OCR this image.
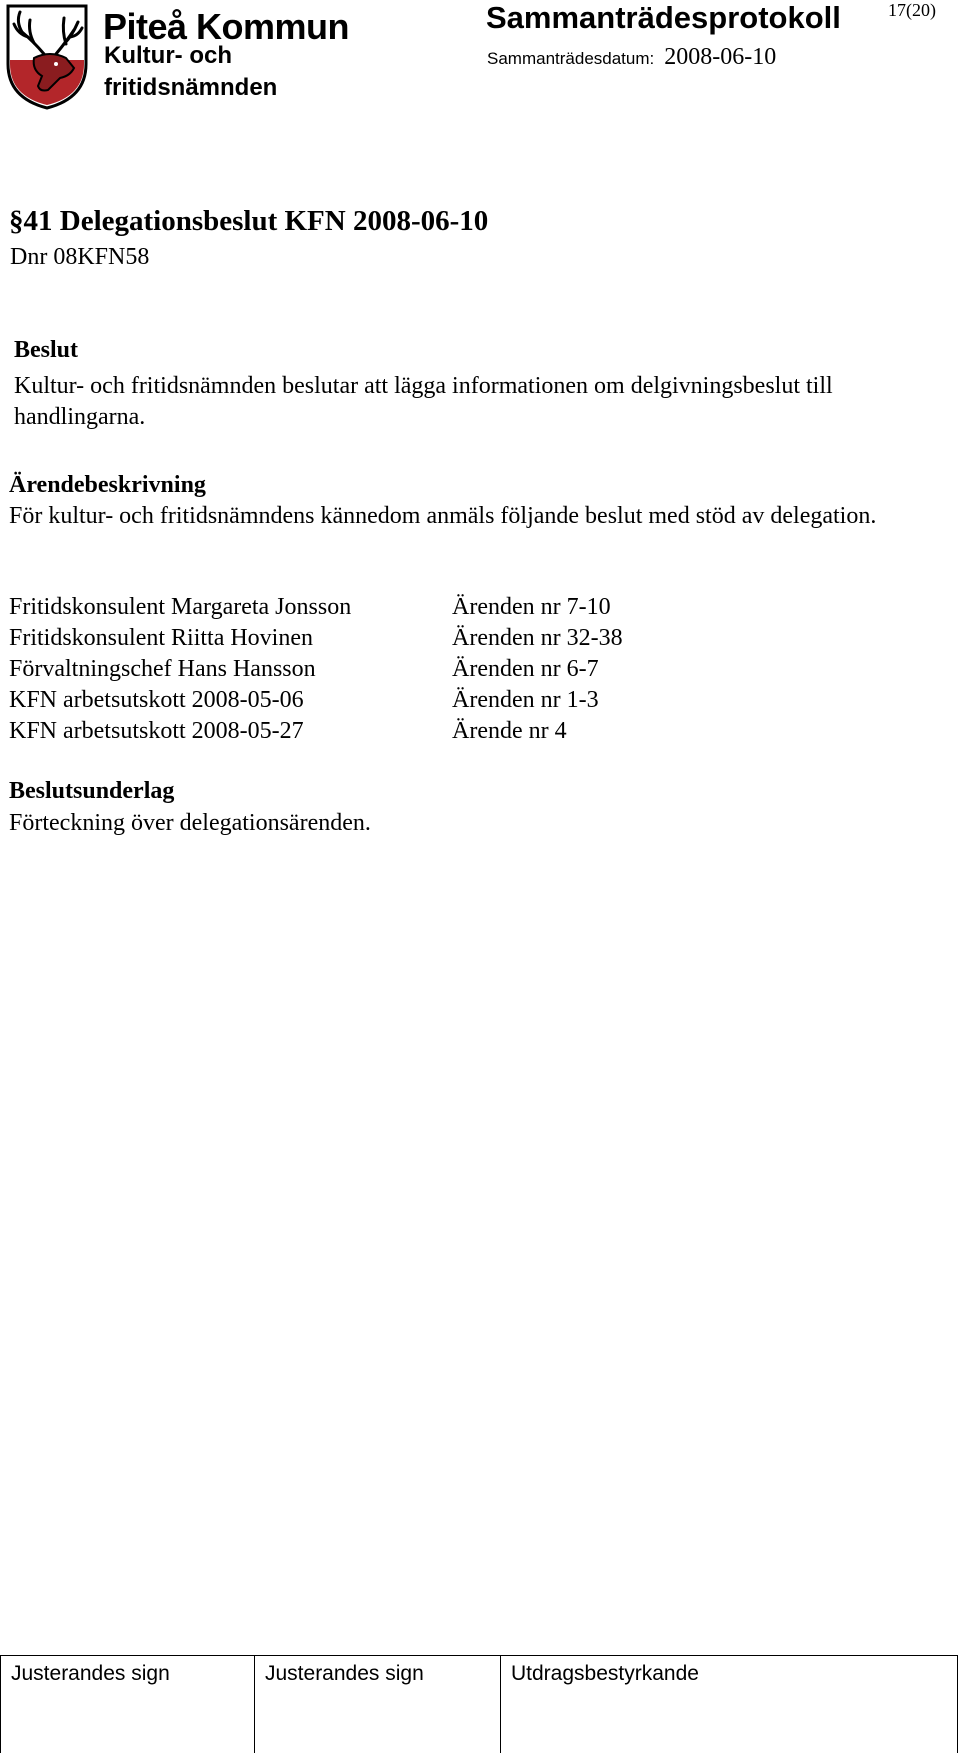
Piteå Kommun
Kultur- och fritidsnämnden
Sammanträdesprotokoll
Sammanträdesdatum: 2008-06-10
17(20)
§41 Delegationsbeslut KFN 2008-06-10
Dnr 08KFN58
Beslut
Kultur- och fritidsnämnden beslutar att lägga informationen om delgivningsbeslut till handlingarna.
Ärendebeskrivning
För kultur- och fritidsnämndens kännedom anmäls följande beslut med stöd av delegation.
Fritidskonsulent Margareta Jonsson	Ärenden nr 7-10
Fritidskonsulent Riitta Hovinen	Ärenden nr 32-38
Förvaltningschef Hans Hansson	Ärenden nr 6-7
KFN arbetsutskott 2008-05-06	Ärenden nr 1-3
KFN arbetsutskott 2008-05-27	Ärende nr 4
Beslutsunderlag
Förteckning över delegationsärenden.
Justerandes sign	Justerandes sign	Utdragsbestyrkande
